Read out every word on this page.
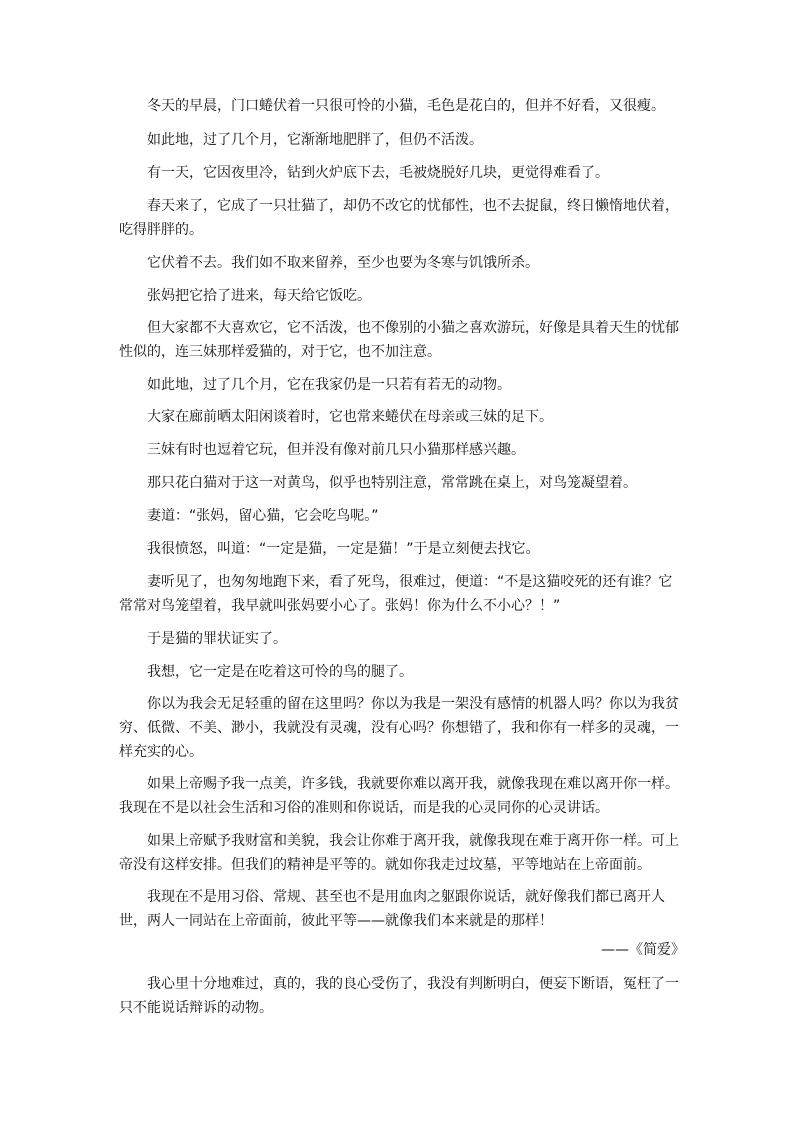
冬天的早晨，门口蜷伏着一只很可怜的小猫，毛色是花白的，但并不好看，又很瘦。

如此地，过了几个月，它渐渐地肥胖了，但仍不活泼。

有一天，它因夜里冷，钻到火炉底下去，毛被烧脱好几块，更觉得难看了。

春天来了，它成了一只壮猫了，却仍不改它的忧郁性，也不去捉鼠，终日懒惰地伏着，吃得胖胖的。

它伏着不去。我们如不取来留养，至少也要为冬寒与饥饿所杀。

张妈把它拾了进来，每天给它饭吃。

但大家都不大喜欢它，它不活泼，也不像别的小猫之喜欢游玩，好像是具着天生的忧郁性似的，连三妹那样爱猫的，对于它，也不加注意。

如此地，过了几个月，它在我家仍是一只若有若无的动物。

大家在廊前晒太阳闲谈着时，它也常来蜷伏在母亲或三妹的足下。

三妹有时也逗着它玩，但并没有像对前几只小猫那样感兴趣。

那只花白猫对于这一对黄鸟，似乎也特别注意，常常跳在桌上，对鸟笼凝望着。

妻道：“张妈，留心猫，它会吃鸟呢。”

我很愤怒，叫道：“一定是猫，一定是猫！”于是立刻便去找它。

妻听见了，也匆匆地跑下来，看了死鸟，很难过，便道：“不是这猫咬死的还有谁？它常常对鸟笼望着，我早就叫张妈要小心了。张妈！你为什么不小心？！”

于是猫的罪状证实了。

我想，它一定是在吃着这可怜的鸟的腿了。

你以为我会无足轻重的留在这里吗？你以为我是一架没有感情的机器人吗？你以为我贫穷、低微、不美、渺小，我就没有灵魂，没有心吗？你想错了，我和你有一样多的灵魂，一样充实的心。

如果上帝赐予我一点美，许多钱，我就要你难以离开我，就像我现在难以离开你一样。我现在不是以社会生活和习俗的准则和你说话，而是我的心灵同你的心灵讲话。

如果上帝赋予我财富和美貌，我会让你难于离开我，就像我现在难于离开你一样。可上帝没有这样安排。但我们的精神是平等的。就如你我走过坟墓，平等地站在上帝面前。

我现在不是用习俗、常规、甚至也不是用血肉之躯跟你说话，就好像我们都已离开人世，两人一同站在上帝面前，彼此平等——就像我们本来就是的那样！

——《简爱》

我心里十分地难过，真的，我的良心受伤了，我没有判断明白，便妄下断语，冤枉了一只不能说话辩诉的动物。
